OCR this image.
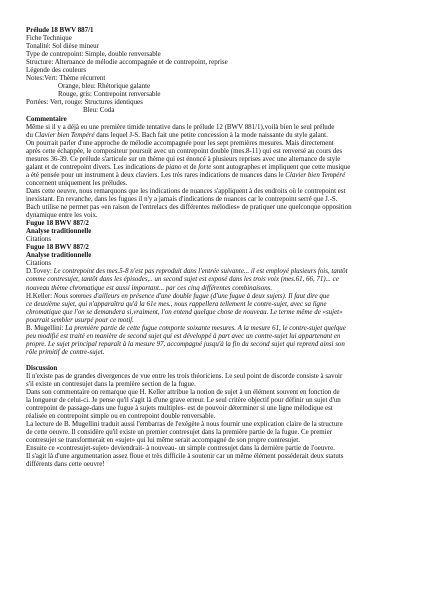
Prélude 18 BWV 887/1
Fiche Technique
Tonalité: Sol dièse mineur
Type de contrepoint: Simple, double renversable
Structure: Alternance de mélodie accompagnée et de contrepoint, reprise
Légende des couleurs
Notes:Vert: Thème récurrent
Orange, bleu: Rhétorique galante
Rouge, gris: Contrepoint renversable
Portées: Vert, rouge: Structures identiques
Bleu: Coda
Commentaire
Même si il y a déjà eu une première timide tentative dans le prélude 12 (BWV 881/1),voilà bien le seul prélude
du Clavier bien Tempéré dans lequel J-S. Bach fait une petite concession à la mode naissante du style galant.
On pourrait parler d'une approche de mélodie accompagnée pour les sept premières mesures. Mais directement
après cette échappée, le compositeur poursuit avec un contrepoint double (mes.8-11) qui est renversé au cours des
mesures 36-39. Ce prélude s'articule sur un thème qui est énoncé à plusieurs reprises avec une alternance de style
galant et de contrepoint divers. Les indications de piano et de forte sont autographes et impliquent que cette musique
a été pensée pour un instrument à deux claviers. Les très rares indications de nuances dans le Clavier bien Tempéré
concernent uniquement les préludes.
Dans cette oeuvre, nous remarquons que les indications de nuances s'appliquent à des endroits où le contrepoint est
inexistant. En revanche, dans les fugues il n'y a jamais d'indications de nuances car le contrepoint serré que J.-S.
Bach utilise ne permet pas «en raison de l'entrelacs des différentes mélodies» de pratiquer une quelconque opposition
dynamique entre les voix.
Fugue 18 BWV 887/2
Analyse traditionnelle
Citations
Fugue 18 BWV 887/2
Analyse traditionnelle
Citations
D.Tovey: Le contrepoint des mes.5-8 n'est pas reproduit dans l'entrée suivante... il est employé plusieurs fois, tantôt
comme contresujet, tantôt dans les épisodes,.. un second sujet est exposé dans les trois voix (mes.61, 66, 71)... ce
nouveau thème chromatique est aussi important... par ces cinq différentes combinaisons.
H.Keller: Nous sommes d'ailleurs en présence d'une double fugue (d'une fugue à deux sujets). Il faut dire que
ce deuxième sujet, qui n'apparaîtra qu'à la 61e mes., nous rappellera tellement le contre-sujet, avec sa ligne
chromatique que l'on se demandera si,vraiment, l'on entend quelque chose de nouveau. Le terme même de «sujet»
pourrait sembler usurpé pour ce motif.
B. Mugellini: La première partie de cette fugue comporte soixante mesures. A la mesure 61, le contre-sujet quelque
peu modifié est traité en manière de second sujet qui est développé à part avec un contre-sujet lui appartenant en
propre. Le sujet principal reparaît à la mesure 97, accompagné jusqu'à la fin du second sujet qui reprend ainsi son
rôle primitif de contre-sujet.
Discussion
Il n'existe pas de grandes divergences de vue entre les trois théoriciens. Le seul point de discorde consiste à savoir
s'il existe un contresujet dans la première section de la fugue.
Dans son commentaire on remarque que H. Keller attribue la notion de sujet à un élément souvent en fonction de
la longueur de celui-ci. Je pense qu'il s'agit là d'une grave erreur. Le seul critère objectif pour définir un sujet d'un
contrepoint de passage-dans une fugue à sujets multiples- est de pouvoir déterminer si une ligne mélodique est
réalisée en contrepoint simple ou en contrepoint double renversable.
La lecture de B. Mugellini traduit aussi l'embarras de l'exégète à nous fournir une explication claire de la structure
de cette oeuvre. Il considère qu'il existe un premier contresujet dans la première partie de la fugue. Ce premier
contresujet se transformerait en «sujet» qui lui même serait accompagné de son propre contresujet.
Ensuite ce «contresujet-sujet» deviendrait- à nouveau- un simple contresujet dans la dernière partie de l'oeuvre.
Il s'agit là d'une argumentation assez floue et très difficile à soutenir car un même élément posséderait deux statuts
différents dans cette oeuvre!
